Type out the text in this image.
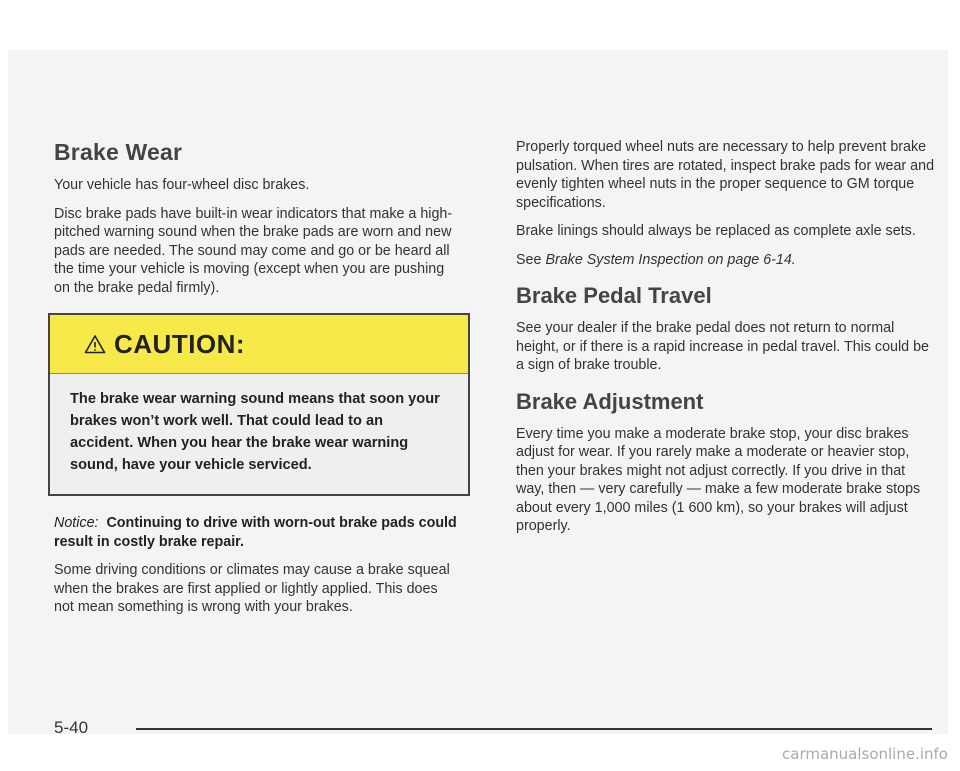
Brake Wear

Your vehicle has four-wheel disc brakes.

Disc brake pads have built-in wear indicators that make a high-pitched warning sound when the brake pads are worn and new pads are needed. The sound may come and go or be heard all the time your vehicle is moving (except when you are pushing on the brake pedal firmly).

CAUTION:
The brake wear warning sound means that soon your brakes won’t work well. That could lead to an accident. When you hear the brake wear warning sound, have your vehicle serviced.

Notice: Continuing to drive with worn-out brake pads could result in costly brake repair.

Some driving conditions or climates may cause a brake squeal when the brakes are first applied or lightly applied. This does not mean something is wrong with your brakes.

Properly torqued wheel nuts are necessary to help prevent brake pulsation. When tires are rotated, inspect brake pads for wear and evenly tighten wheel nuts in the proper sequence to GM torque specifications.

Brake linings should always be replaced as complete axle sets.

See Brake System Inspection on page 6-14.

Brake Pedal Travel

See your dealer if the brake pedal does not return to normal height, or if there is a rapid increase in pedal travel. This could be a sign of brake trouble.

Brake Adjustment

Every time you make a moderate brake stop, your disc brakes adjust for wear. If you rarely make a moderate or heavier stop, then your brakes might not adjust correctly. If you drive in that way, then — very carefully — make a few moderate brake stops about every 1,000 miles (1 600 km), so your brakes will adjust properly.

5-40
carmanualsonline.info
